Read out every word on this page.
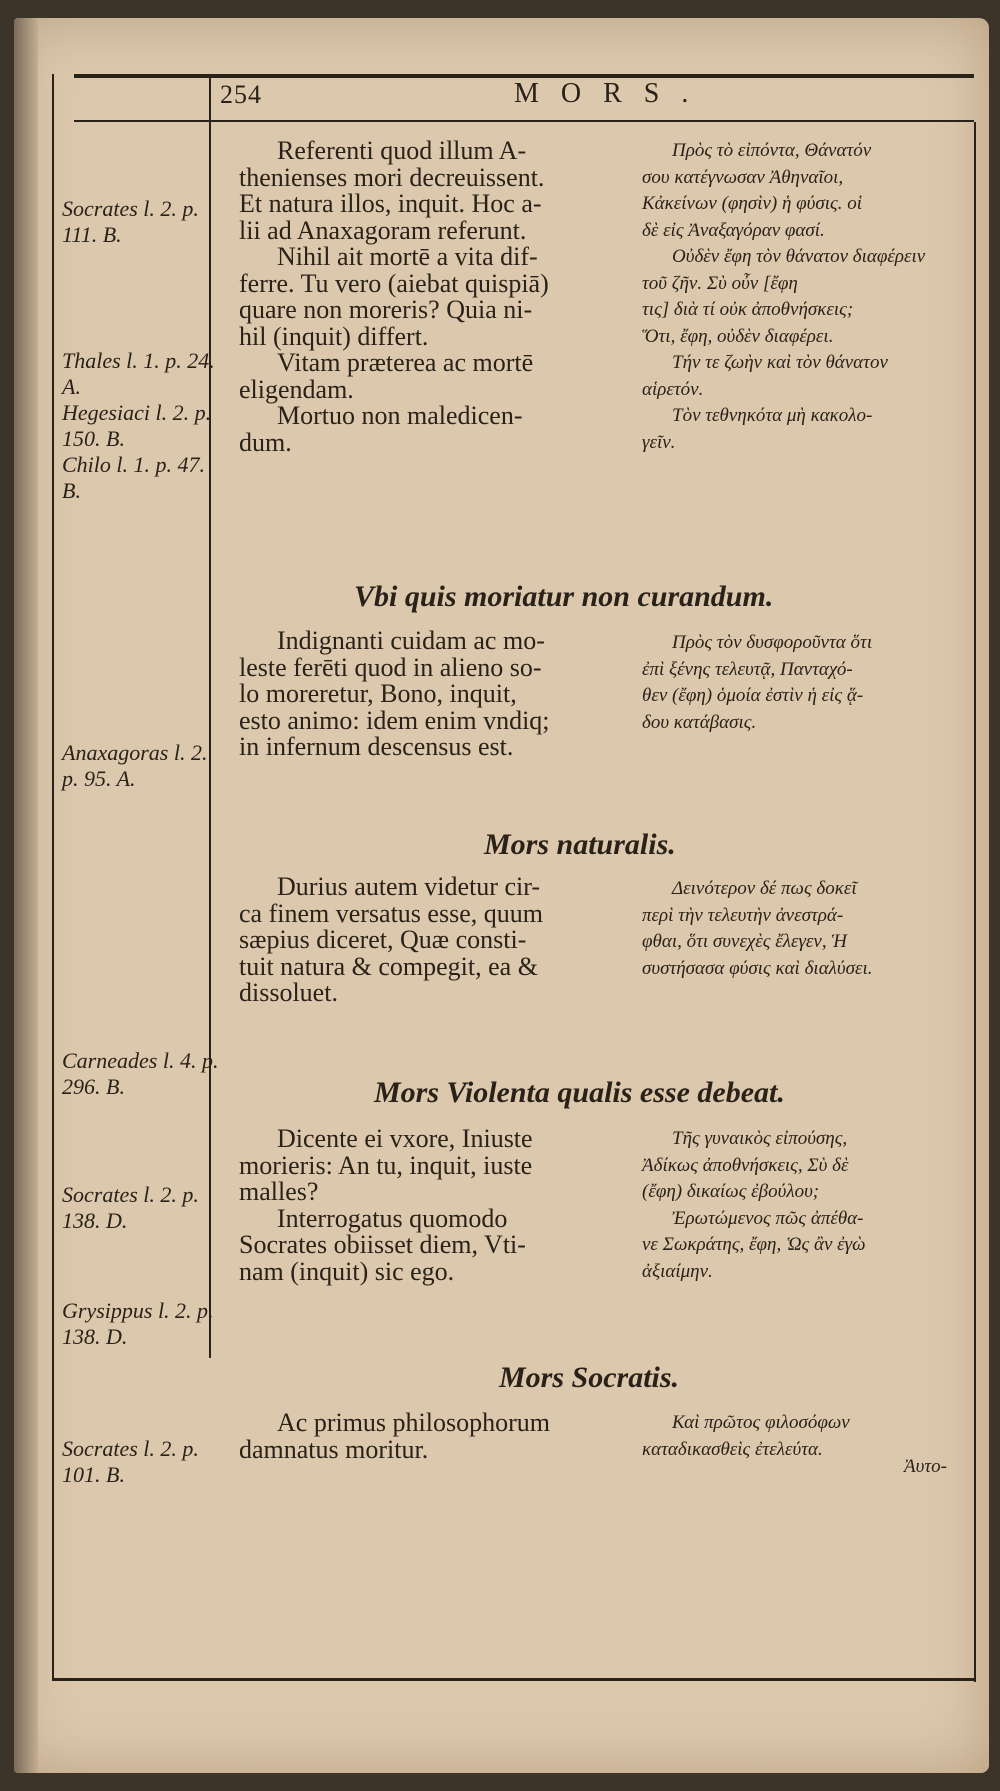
254	MORS.

Referenti quod illum A-

thenienses mori decreuissent.

Et natura illos, inquit. Hoc a-

lii ad Anaxagoram referunt.

Nihil ait mortē a vita dif-

ferre. Tu vero (aiebat quispiā)

quare non moreris? Quia ni-

hil (inquit) differt.

Vitam præterea ac mortē

eligendam.

Mortuo non maledicen-

dum.

Πρὸς τὸ εἰπόντα, Θάνατόν

σου κατέγνωσαν Ἀθηναῖοι,

Κἀκείνων (φησὶν) ἡ φύσις. οἱ

δὲ εἰς Ἀναξαγόραν φασί.

Οὐδὲν ἔφη τὸν θάνατον διαφέρειν

τοῦ ζῆν. Σὺ οὖν [ἔφη

τις] διὰ τί οὐκ ἀποθνήσκεις;

Ὅτι, ἔφη, οὐδὲν διαφέρει.

Τήν τε ζωὴν καὶ τὸν θάνατον

αἱρετόν.

Τὸν τεθνηκότα μὴ κακολο-

γεῖν.

Vbi quis moriatur non curandum.

Indignanti cuidam ac mo-

leste ferēti quod in alieno so-

lo moreretur, Bono, inquit,

esto animo: idem enim vndiq;

in infernum descensus est.

Πρὸς τὸν δυσφοροῦντα ὅτι

ἐπὶ ξένης τελευτᾷ, Πανταχό-

θεν (ἔφη) ὁμοία ἐστὶν ἡ εἰς ᾅ-

δου κατάβασις.

Mors naturalis.

Durius autem videtur cir-

ca finem versatus esse, quum

sæpius diceret, Quæ consti-

tuit natura & compegit, ea &

dissoluet.

Δεινότερον δέ πως δοκεῖ

περὶ τὴν τελευτὴν ἀνεστρά-

φθαι, ὅτι συνεχὲς ἔλεγεν, Ἡ

συστήσασα φύσις καὶ διαλύσει.

Mors Violenta qualis esse debeat.

Dicente ei vxore, Iniuste

morieris: An tu, inquit, iuste

malles?

Interrogatus quomodo

Socrates obiisset diem, Vti-

nam (inquit) sic ego.

Τῆς γυναικὸς εἰπούσης,

Ἀδίκως ἀποθνήσκεις, Σὺ δὲ

(ἔφη) δικαίως ἐβούλου;

Ἐρωτώμενος πῶς ἀπέθα-

νε Σωκράτης, ἔφη, Ὡς ἂν ἐγὼ

ἀξιαίμην.

Mors Socratis.

Ac primus philosophorum

damnatus moritur.

Καὶ πρῶτος φιλοσόφων

καταδικασθεὶς ἐτελεύτα.

Ἀυτο-
Socrates l. 2. p. 111. B.
Thales l. 1. p. 24. A.
Hegesiaci l. 2. p. 150. B.
Chilo l. 1. p. 47. B.
Anaxagoras l. 2. p. 95. A.
Carneades l. 4. p. 296. B.
Socrates l. 2. p. 138. D.
Grysippus l. 2. p. 138. D.
Socrates l. 2. p. 101. B.
